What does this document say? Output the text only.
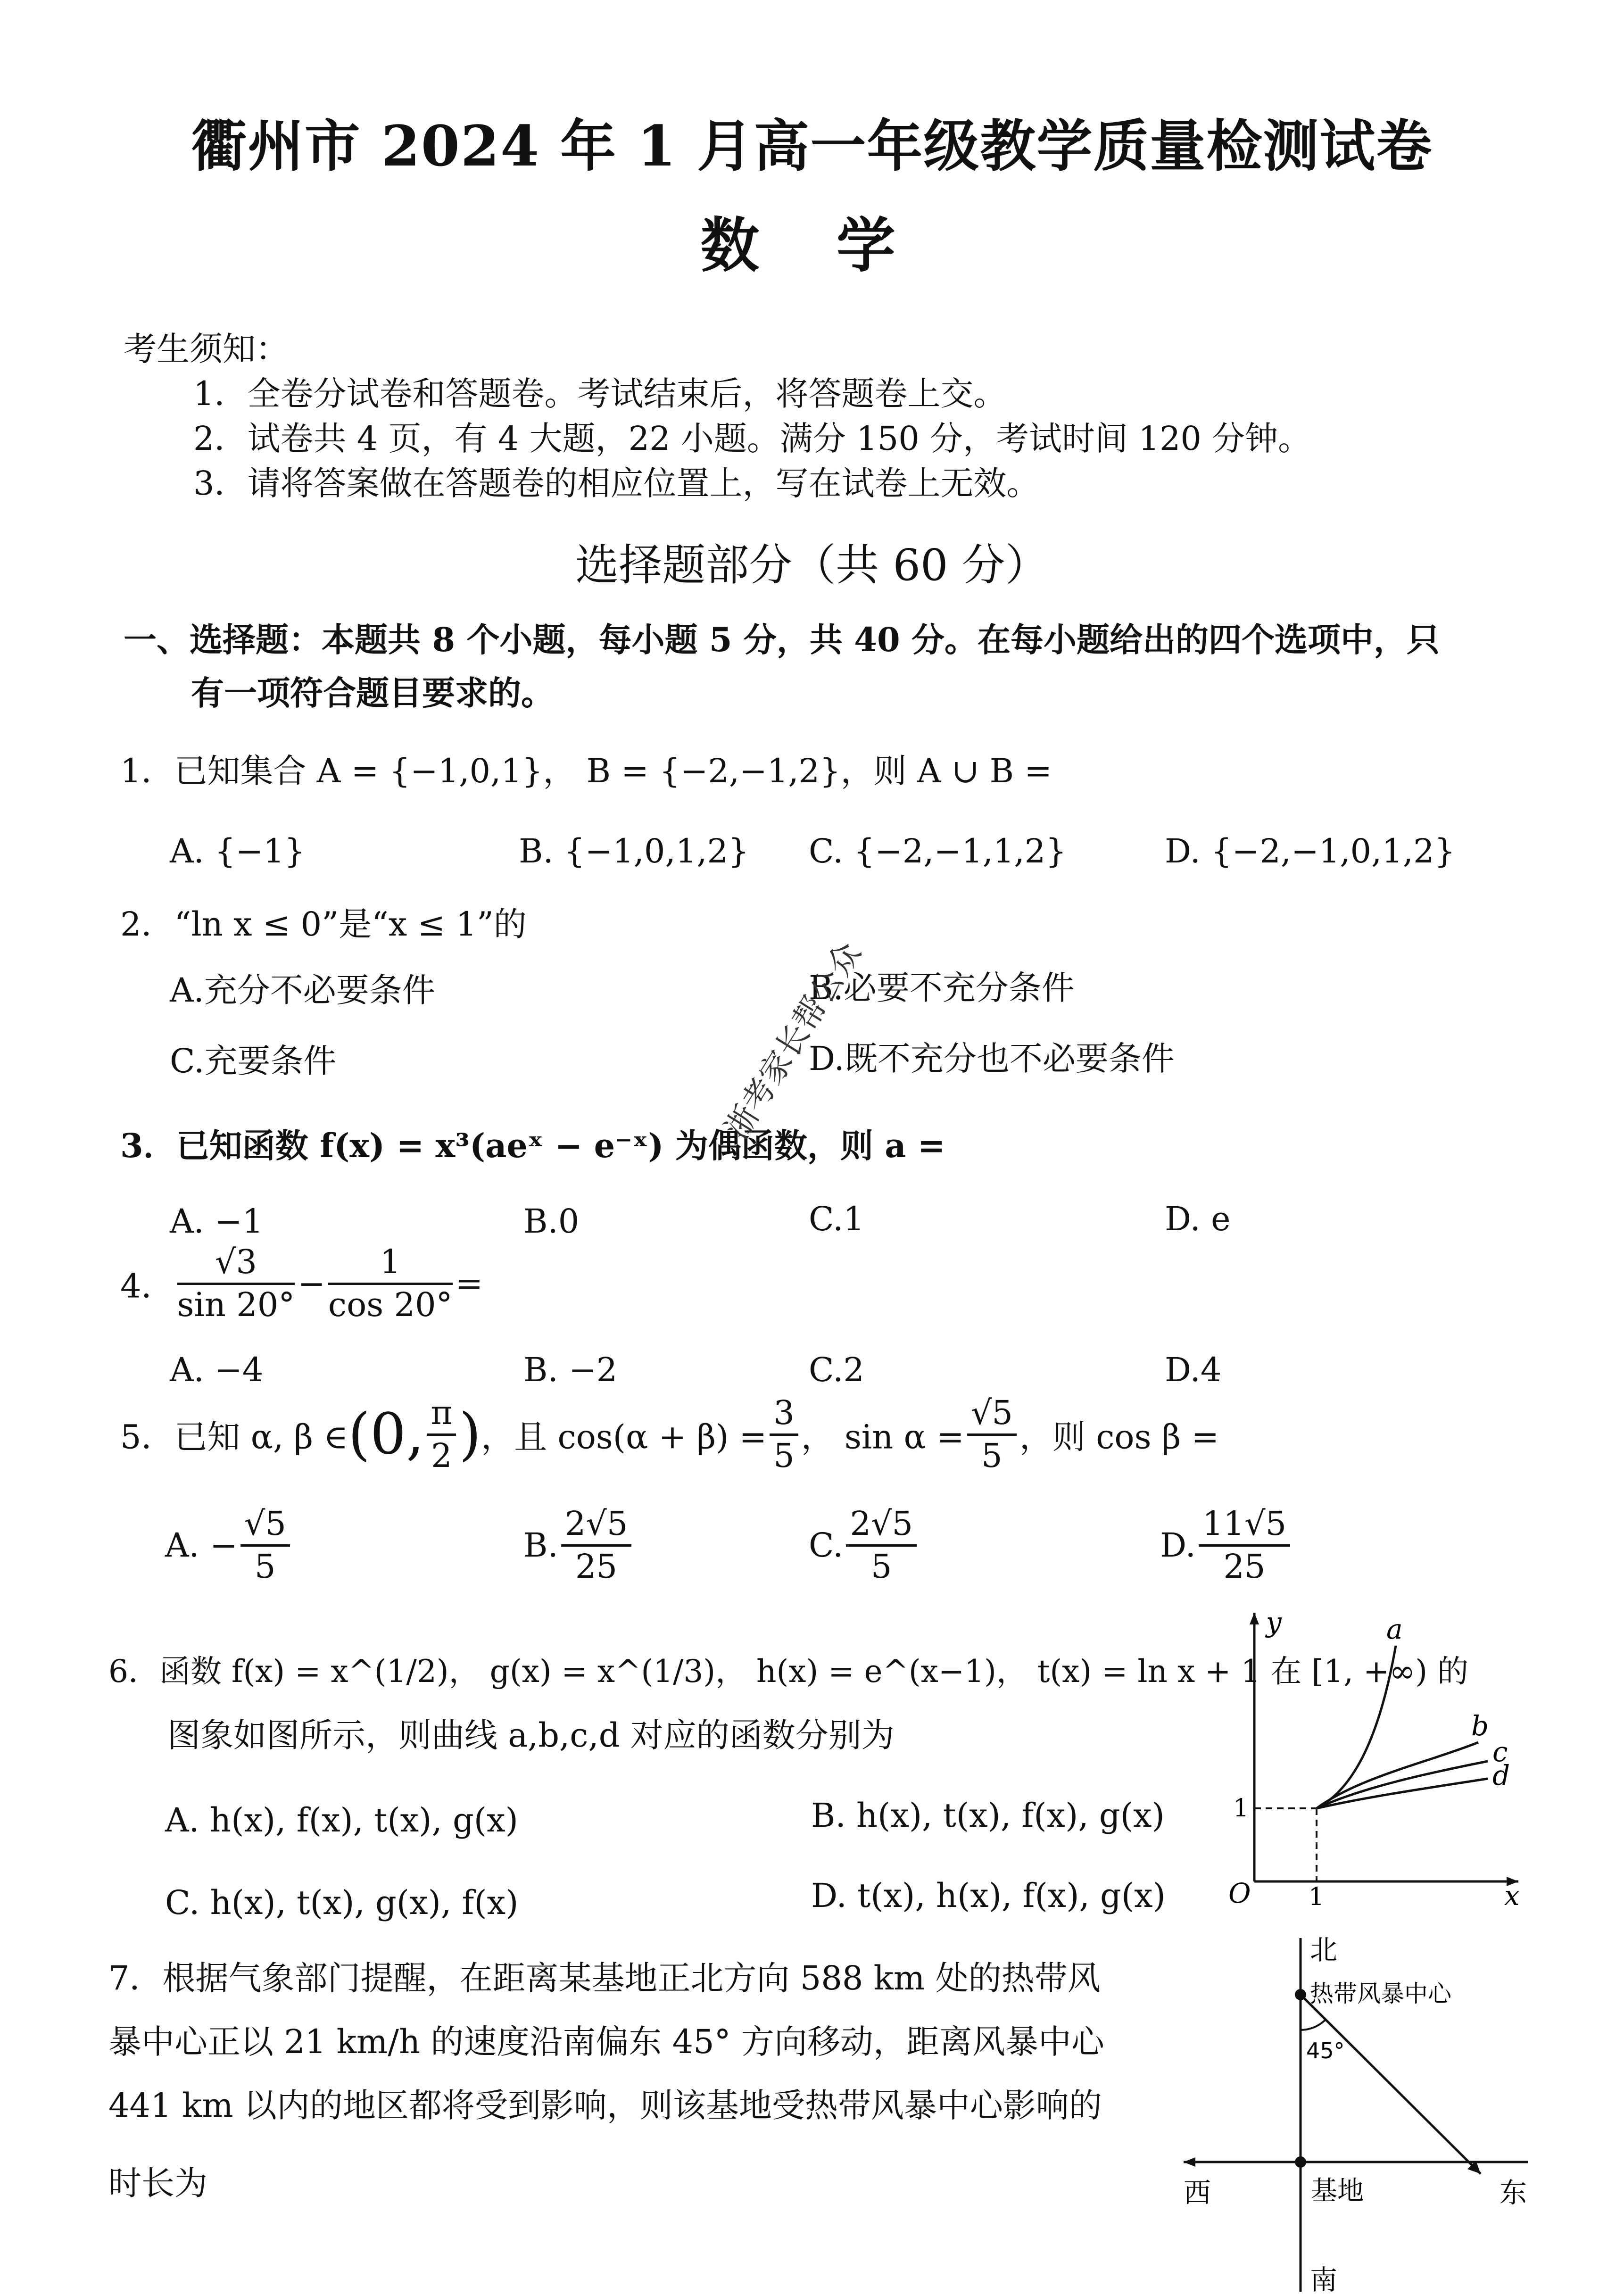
衢州市 2024 年 1 月高一年级教学质量检测试卷
数 学
考生须知：
1．全卷分试卷和答题卷。考试结束后，将答题卷上交。
2．试卷共 4 页，有 4 大题，22 小题。满分 150 分，考试时间 120 分钟。
3．请将答案做在答题卷的相应位置上，写在试卷上无效。
选择题部分（共 60 分）
一、选择题：本题共 8 个小题，每小题 5 分，共 40 分。在每小题给出的四个选项中，只
有一项符合题目要求的。
1．已知集合 A = {−1,0,1}， B = {−2,−1,2}，则 A ∪ B =
A. {−1}	B. {−1,0,1,2} C. {−2,−1,1,2}	D. {−2,−1,0,1,2}
2．“ln x ≤ 0”是“x ≤ 1”的
A.充分不必要条件	B.必要不充分条件
C.充要条件	D.既不充分也不必要条件
3．已知函数 f(x) = x³(aeˣ − e⁻ˣ) 为偶函数，则 a =
A. −1	B.0	C.1	D. e
4． $\frac{√3}{\sin 20^\circ} - \frac{1}{\cos 20^\circ}$ =
A. −4	B. −2	C.2	D.4
5．已知 α, β ∈(0, $\frac{\pi}{2}$ )，且 $\cos(\alpha + \beta) = \frac{3}{5}$ ， $\sin \alpha = \frac{√5}{5}$ ，则 cos β =
A. − $\frac{√5}{5}$	B. $\frac{2√5}{25}$	C. $\frac{2√5}{5}$	D. $\frac{11√5}{25}$
6．函数 f(x) = x^(1/2)， g(x) = x^(1/3)， h(x) = e^(x−1)， t(x) = ln x + 1 在 [1, +∞) 的
图象如图所示，则曲线 a,b,c,d 对应的函数分别为
A. h(x), f(x), t(x), g(x)	B. h(x), t(x), f(x), g(x)
C. h(x), t(x), g(x), f(x)	D. t(x), h(x), f(x), g(x)
y
x
O 1
1
a
b
c
d
7．根据气象部门提醒，在距离某基地正北方向 588 km 处的热带风
暴中心正以 21 km/h 的速度沿南偏东 45° 方向移动，距离风暴中心
441 km 以内的地区都将受到影响，则该基地受热带风暴中心影响的
时长为
北
南
西	东
基地
热带风暴中心
45°
浙考家长帮公众
